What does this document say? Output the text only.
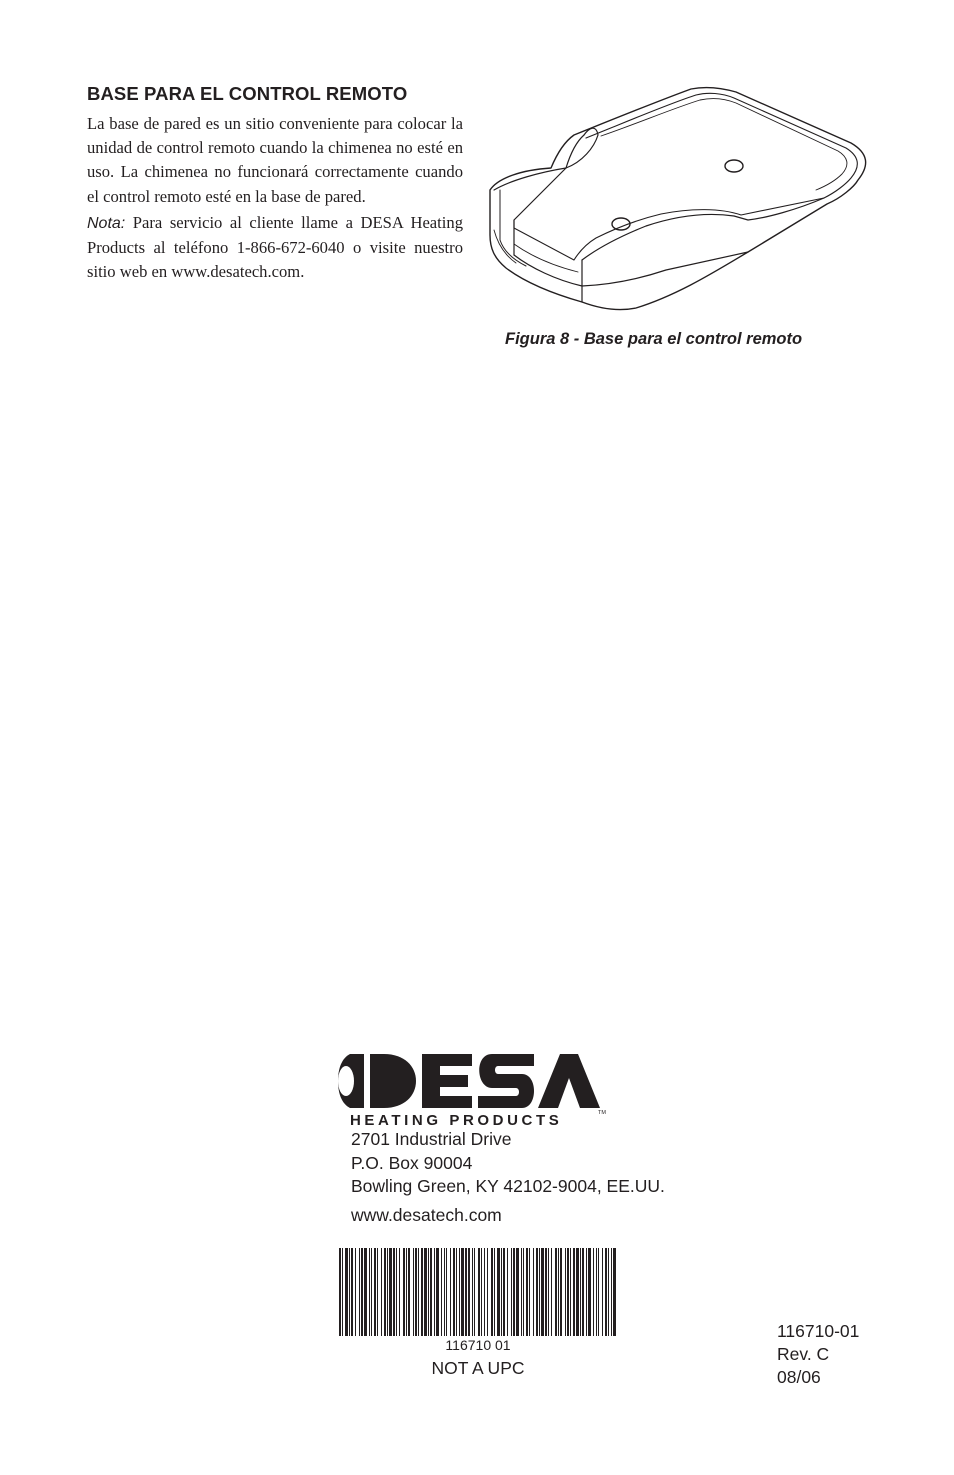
BASE PARA EL CONTROL REMOTO

La base de pared es un sitio conveniente para colocar la unidad de control remoto cuando la chimenea no esté en uso. La chimenea no funcionará correctamente cuando el control remoto esté en la base de pared.

Nota: Para servicio al cliente llame a DESA Heating Products al teléfono 1-866-672-6040 o visite nuestro sitio web en www.desatech.com.

Figura 8 - Base para el control remoto
TM
HEATING PRODUCTS
2701 Industrial Drive
P.O. Box 90004
Bowling Green, KY 42102-9004, EE.UU.
www.desatech.com
116710 01
NOT A UPC
116710-01
Rev. C
08/06
